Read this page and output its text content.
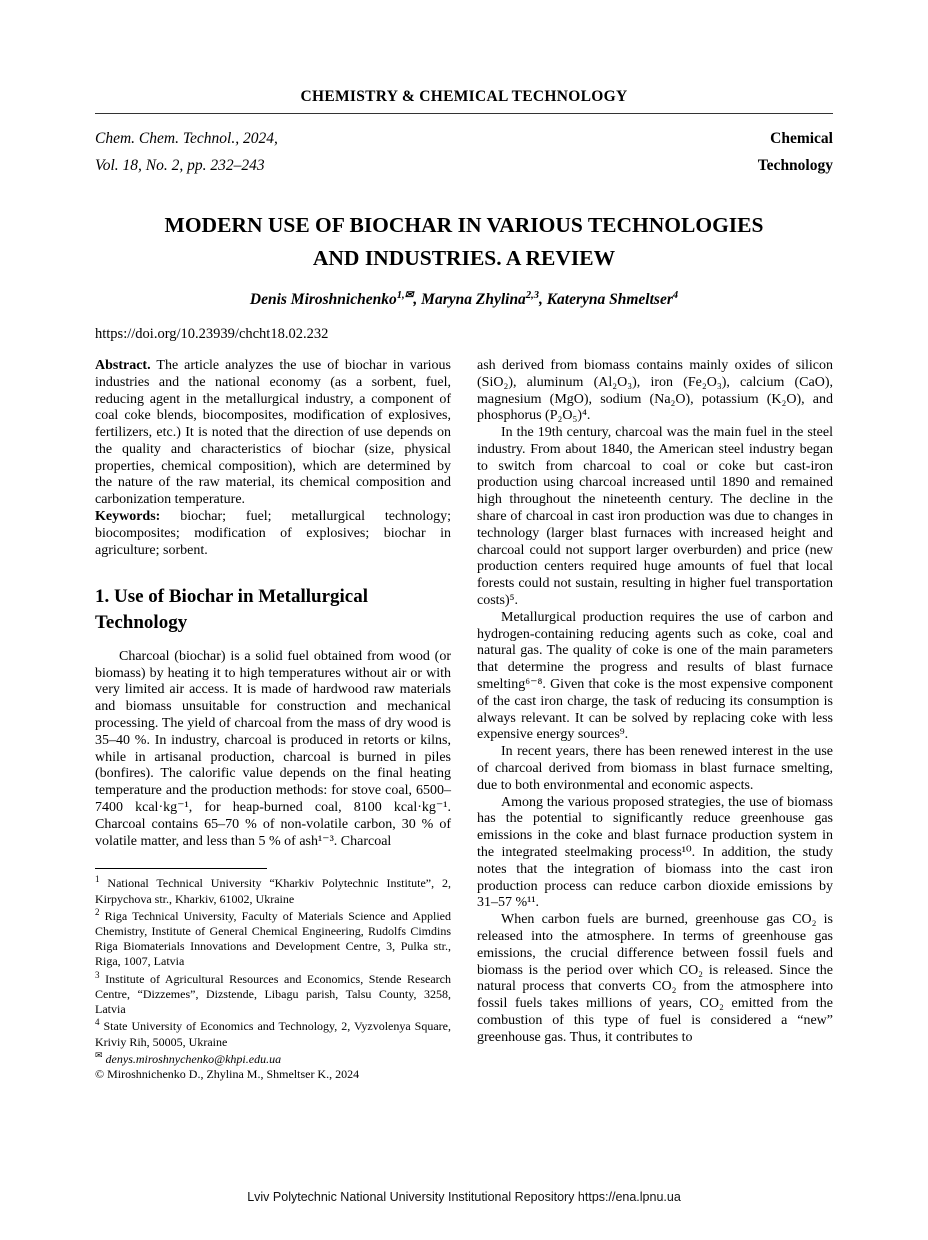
CHEMISTRY & CHEMICAL TECHNOLOGY
Chem. Chem. Technol., 2024,
Vol. 18, No. 2, pp. 232–243
Chemical
Technology
MODERN USE OF BIOCHAR IN VARIOUS TECHNOLOGIES
AND INDUSTRIES. A REVIEW
Denis Miroshnichenko$^{1,✉}$, Maryna Zhylina$^{2,3}$, Kateryna Shmeltser$^4$
https://doi.org/10.23939/chcht18.02.232

Abstract. The article analyzes the use of biochar in various industries and the national economy (as a sorbent, fuel, reducing agent in the metallurgical industry, a component of coal coke blends, biocomposites, modification of explosives, fertilizers, etc.) It is noted that the direction of use depends on the quality and characteristics of biochar (size, physical properties, chemical composition), which are determined by the nature of the raw material, its chemical composition and carbonization temperature.

Keywords: biochar; fuel; metallurgical technology; biocomposites; modification of explosives; biochar in agriculture; sorbent.

1. Use of Biochar in Metallurgical Technology

Charcoal (biochar) is a solid fuel obtained from wood (or biomass) by heating it to high temperatures without air or with very limited air access. It is made of hardwood raw materials and biomass unsuitable for construction and mechanical processing. The yield of charcoal from the mass of dry wood is 35–40 %. In industry, charcoal is produced in retorts or kilns, while in artisanal production, charcoal is burned in piles (bonfires). The calorific value depends on the final heating temperature and the production methods: for stove coal, 6500–7400 kcal·kg⁻¹, for heap-burned coal, 8100 kcal·kg⁻¹. Charcoal contains 65–70 % of non-volatile carbon, 30 % of volatile matter, and less than 5 % of ash¹⁻³. Charcoal

$^1$ National Technical University “Kharkiv Polytechnic Institute”, 2, Kirpychova str., Kharkiv, 61002, Ukraine
$^2$ Riga Technical University, Faculty of Materials Science and Applied Chemistry, Institute of General Chemical Engineering, Rudolfs Cimdins Riga Biomaterials Innovations and Development Centre, 3, Pulka str., Riga, 1007, Latvia
$^3$ Institute of Agricultural Resources and Economics, Stende Research Centre, “Dizzemes”, Dizstende, Libagu parish, Talsu County, 3258, Latvia
$^4$ State University of Economics and Technology, 2, Vyzvolenya Square, Kriviy Rih, 50005, Ukraine
✉ denys.miroshnychenko@khpi.edu.ua
© Miroshnichenko D., Zhylina M., Shmeltser K., 2024

ash derived from biomass contains mainly oxides of silicon (SiO₂), aluminum (Al₂O₃), iron (Fe₂O₃), calcium (CaO), magnesium (MgO), sodium (Na₂O), potassium (K₂O), and phosphorus (P₂O₅)⁴.

In the 19th century, charcoal was the main fuel in the steel industry. From about 1840, the American steel industry began to switch from charcoal to coal or coke but cast-iron production using charcoal increased until 1890 and remained high throughout the nineteenth century. The decline in the share of charcoal in cast iron production was due to changes in technology (larger blast furnaces with increased height and charcoal could not support larger overburden) and price (new production centers required huge amounts of fuel that local forests could not sustain, resulting in higher fuel transportation costs)⁵.

Metallurgical production requires the use of carbon and hydrogen-containing reducing agents such as coke, coal and natural gas. The quality of coke is one of the main parameters that determine the progress and results of blast furnace smelting⁶⁻⁸. Given that coke is the most expensive component of the cast iron charge, the task of reducing its consumption is always relevant. It can be solved by replacing coke with less expensive energy sources⁹.

In recent years, there has been renewed interest in the use of charcoal derived from biomass in blast furnace smelting, due to both environmental and economic aspects.

Among the various proposed strategies, the use of biomass has the potential to significantly reduce greenhouse gas emissions in the coke and blast furnace production system in the integrated steelmaking process¹⁰. In addition, the study notes that the integration of biomass into the cast iron production process can reduce carbon dioxide emissions by 31–57 %¹¹.

When carbon fuels are burned, greenhouse gas CO₂ is released into the atmosphere. In terms of greenhouse gas emissions, the crucial difference between fossil fuels and biomass is the period over which CO₂ is released. Since the natural process that converts CO₂ from the atmosphere into fossil fuels takes millions of years, CO₂ emitted from the combustion of this type of fuel is considered a “new” greenhouse gas. Thus, it contributes to

Lviv Polytechnic National University Institutional Repository https://ena.lpnu.ua
